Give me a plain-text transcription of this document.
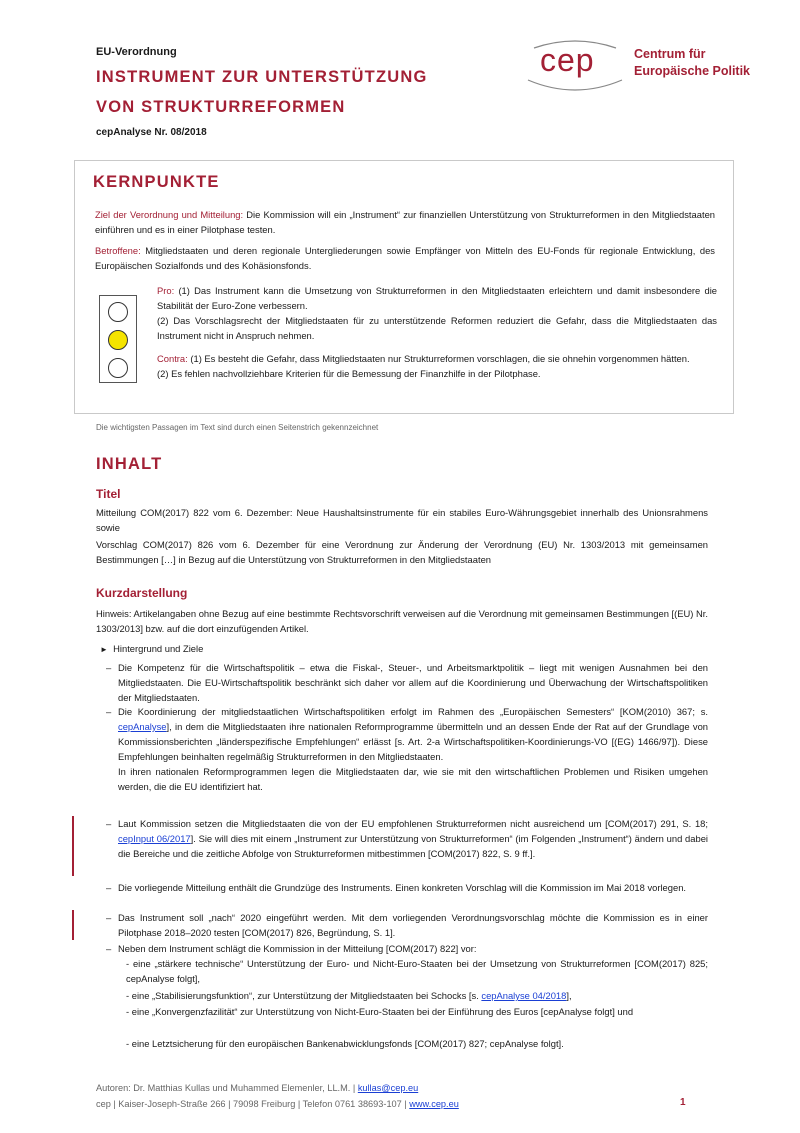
EU-Verordnung
INSTRUMENT ZUR UNTERSTÜTZUNG
VON STRUKTURREFORMEN
cepAnalyse Nr. 08/2018
cep	Centrum für
Europäische Politik
KERNPUNKTE
Ziel der Verordnung und Mitteilung: Die Kommission will ein „Instrument“ zur finanziellen Unterstützung von Strukturreformen in den Mitgliedstaaten einführen und es in einer Pilotphase testen.
Betroffene: Mitgliedstaaten und deren regionale Untergliederungen sowie Empfänger von Mitteln des EU-Fonds für regionale Entwicklung, des Europäischen Sozialfonds und des Kohäsionsfonds.
Pro: (1) Das Instrument kann die Umsetzung von Strukturreformen in den Mitgliedstaaten erleichtern und damit insbesondere die Stabilität der Euro-Zone verbessern.
(2) Das Vorschlagsrecht der Mitgliedstaaten für zu unterstützende Reformen reduziert die Gefahr, dass die Mitgliedstaaten das Instrument nicht in Anspruch nehmen.
Contra: (1) Es besteht die Gefahr, dass Mitgliedstaaten nur Strukturreformen vorschlagen, die sie ohnehin vorgenommen hätten.
(2) Es fehlen nachvollziehbare Kriterien für die Bemessung der Finanzhilfe in der Pilotphase.
Die wichtigsten Passagen im Text sind durch einen Seitenstrich gekennzeichnet
INHALT
Titel
Mitteilung COM(2017) 822 vom 6. Dezember: Neue Haushaltsinstrumente für ein stabiles Euro-Währungsgebiet innerhalb des Unionsrahmens sowie
Vorschlag COM(2017) 826 vom 6. Dezember für eine Verordnung zur Änderung der Verordnung (EU) Nr. 1303/2013 mit gemeinsamen Bestimmungen […] in Bezug auf die Unterstützung von Strukturreformen in den Mitgliedstaaten
Kurzdarstellung
Hinweis: Artikelangaben ohne Bezug auf eine bestimmte Rechtsvorschrift verweisen auf die Verordnung mit gemeinsamen Bestimmungen [(EU) Nr. 1303/2013] bzw. auf die dort einzufügenden Artikel.
► Hintergrund und Ziele
– Die Kompetenz für die Wirtschaftspolitik – etwa die Fiskal-, Steuer-, und Arbeitsmarktpolitik – liegt mit wenigen Ausnahmen bei den Mitgliedstaaten. Die EU-Wirtschaftspolitik beschränkt sich daher vor allem auf die Koordinierung und Überwachung der Wirtschaftspolitiken der Mitgliedstaaten.
– Die Koordinierung der mitgliedstaatlichen Wirtschaftspolitiken erfolgt im Rahmen des „Europäischen Semesters“ [KOM(2010) 367; s. cepAnalyse], in dem die Mitgliedstaaten ihre nationalen Reformprogramme übermitteln und an dessen Ende der Rat auf der Grundlage von Kommissionsberichten „länderspezifische Empfehlungen“ erlässt [s. Art. 2-a Wirtschaftspolitiken-Koordinierungs-VO [(EG) 1466/97]). Diese Empfehlungen beinhalten regelmäßig Strukturreformen in den Mitgliedstaaten.
In ihren nationalen Reformprogrammen legen die Mitgliedstaaten dar, wie sie mit den wirtschaftlichen Problemen und Risiken umgehen werden, die die EU identifiziert hat.
– Laut Kommission setzen die Mitgliedstaaten die von der EU empfohlenen Strukturreformen nicht ausreichend um [COM(2017) 291, S. 18; cepInput 06/2017]. Sie will dies mit einem „Instrument zur Unterstützung von Strukturreformen“ (im Folgenden „Instrument“) ändern und dabei die Bereiche und die zeitliche Abfolge von Strukturreformen mitbestimmen [COM(2017) 822, S. 9 ff.].
– Die vorliegende Mitteilung enthält die Grundzüge des Instruments. Einen konkreten Vorschlag will die Kommission im Mai 2018 vorlegen.
– Das Instrument soll „nach“ 2020 eingeführt werden. Mit dem vorliegenden Verordnungsvorschlag möchte die Kommission es in einer Pilotphase 2018–2020 testen [COM(2017) 826, Begründung, S. 1].
– Neben dem Instrument schlägt die Kommission in der Mitteilung [COM(2017) 822] vor:
- eine „stärkere technische“ Unterstützung der Euro- und Nicht-Euro-Staaten bei der Umsetzung von Strukturreformen [COM(2017) 825; cepAnalyse folgt],
- eine „Stabilisierungsfunktion“, zur Unterstützung der Mitgliedstaaten bei Schocks [s. cepAnalyse 04/2018],
- eine „Konvergenzfazilität“ zur Unterstützung von Nicht-Euro-Staaten bei der Einführung des Euros [cepAnalyse folgt] und
- eine Letztsicherung für den europäischen Bankenabwicklungsfonds [COM(2017) 827; cepAnalyse folgt].
Autoren: Dr. Matthias Kullas und Muhammed Elemenler, LL.M. | kullas@cep.eu
cep | Kaiser-Joseph-Straße 266 | 79098 Freiburg | Telefon 0761 38693-107 | www.cep.eu	1
